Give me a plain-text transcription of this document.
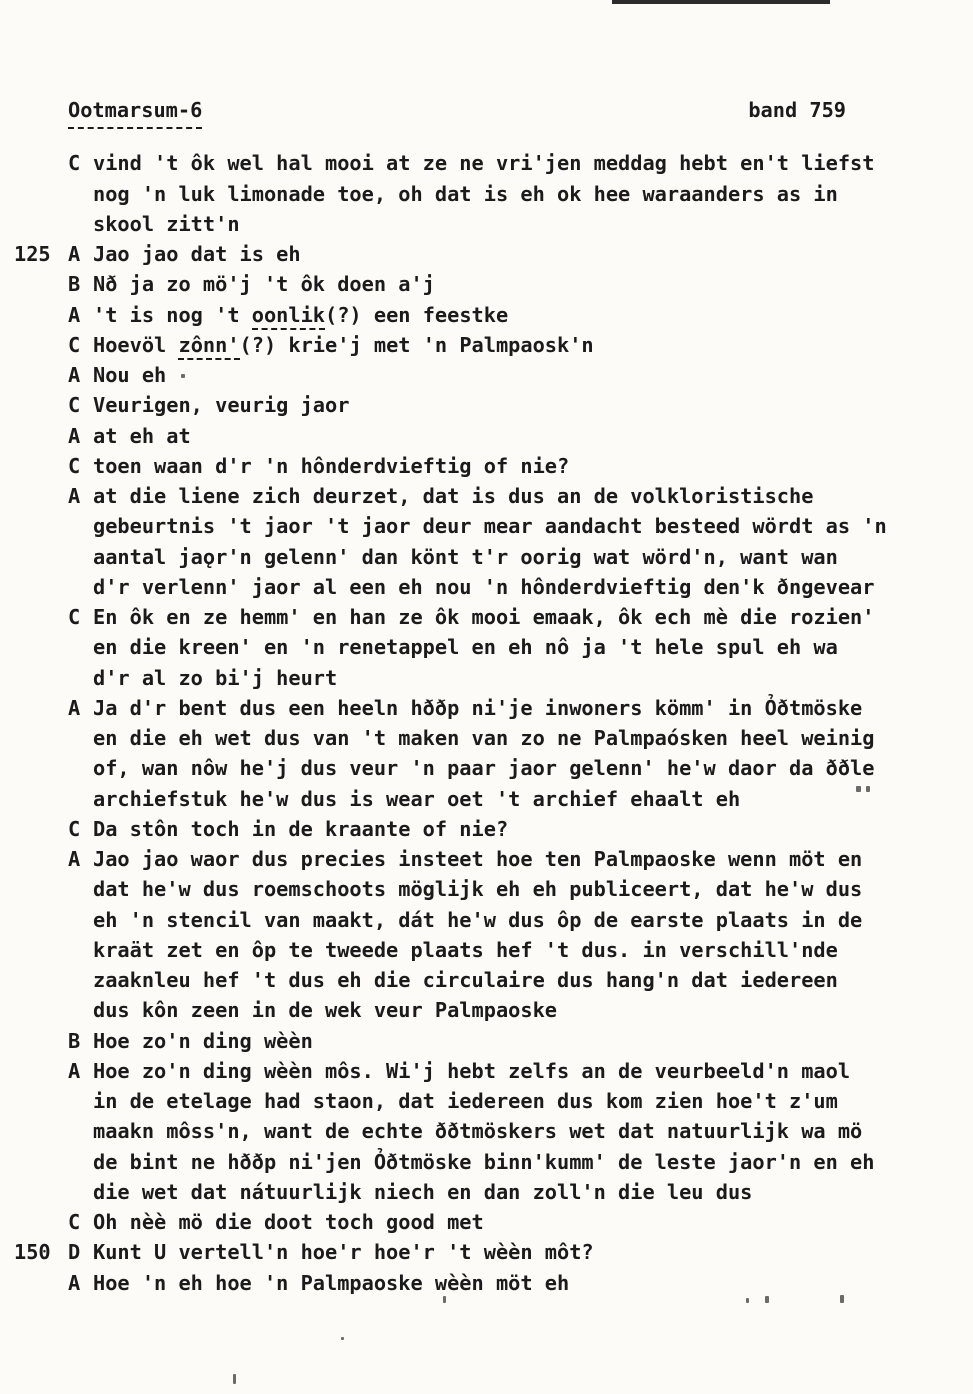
Ootmarsum-6	band 759
C vind 't ôk wel hal mooi at ze ne vri'jen meddag hebt en't liefst
nog 'n luk limonade toe, oh dat is eh ok hee waraanders as in
skool zitt'n
125 A Jao jao dat is eh
B Nð ja zo mö'j 't ôk doen a'j
A 't is nog 't oonlik(?) een feestke
C Hoevöl zônn'(?) krie'j met 'n Palmpaosk'n
A Nou eh
C Veurigen, veurig jaor
A at eh at
C toen waan d'r 'n hônderdvieftig of nie?
A at die liene zich deurzet, dat is dus an de volkloristische
gebeurtnis 't jaor 't jaor deur mear aandacht besteed wördt as 'n
aantal jaǫr'n gelenn' dan könt t'r oorig wat wörd'n, want wan
d'r verlenn' jaor al een eh nou 'n hônderdvieftig den'k ðngevear
C En ôk en ze hemm' en han ze ôk mooi emaak, ôk ech mè die rozien'
en die kreen' en 'n renetappel en eh nô ja 't hele spul eh wa
d'r al zo bi'j heurt
A Ja d'r bent dus een heeln hððp ni'je inwoners kömm' in Ỏðtmöske
en die eh wet dus van 't maken van zo ne Palmpaósken heel weinig
of, wan nôw he'j dus veur 'n paar jaor gelenn' he'w daor da ððle
archiefstuk he'w dus is wear oet 't archief ehaalt eh
C Da stôn toch in de kraante of nie?
A Jao jao waor dus precies insteet hoe ten Palmpaoske wenn möt en
dat he'w dus roemschoots möglijk eh eh publiceert, dat he'w dus
eh 'n stencil van maakt, dát he'w dus ôp de earste plaats in de
kraät zet en ôp te tweede plaats hef 't dus. in verschill'nde
zaaknleu hef 't dus eh die circulaire dus hang'n dat iedereen
dus kôn zeen in de wek veur Palmpaoske
B Hoe zo'n ding wèèn
A Hoe zo'n ding wèèn môs. Wi'j hebt zelfs an de veurbeeld'n maol
in de etelage had staon, dat iedereen dus kom zien hoe't z'um
maakn môss'n, want de echte ððtmöskers wet dat natuurlijk wa mö
de bint ne hððp ni'jen Ỏðtmöske binn'kumm' de leste jaor'n en eh
die wet dat nátuurlijk niech en dan zoll'n die leu dus
C Oh nèè mö die doot toch good met
150 D Kunt U vertell'n hoe'r hoe'r 't wèèn môt?
A Hoe 'n eh hoe 'n Palmpaoske wèèn möt eh
